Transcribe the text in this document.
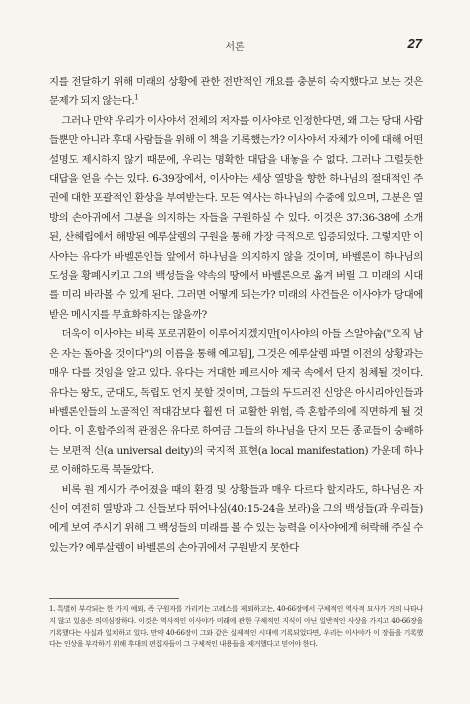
서론	27

지를 전달하기 위해 미래의 상황에 관한 전반적인 개요를 충분히 숙지했다고 보는 것은 문제가 되지 않는다.$^1$

그러나 만약 우리가 이사야서 전체의 저자를 이사야로 인정한다면, 왜 그는 당대 사람들뿐만 아니라 후대 사람들을 위해 이 책을 기록했는가? 이사야서 자체가 이에 대해 어떤 설명도 제시하지 않기 때문에, 우리는 명확한 대답을 내놓을 수 없다. 그러나 그럴듯한 대답을 얻을 수는 있다. 6-39장에서, 이사야는 세상 열방을 향한 하나님의 절대적인 주권에 대한 포괄적인 환상을 부여받는다. 모든 역사는 하나님의 수중에 있으며, 그분은 열방의 손아귀에서 그분을 의지하는 자들을 구원하실 수 있다. 이것은 37:36-38에 소개된, 산헤립에서 해방된 예루살렘의 구원을 통해 가장 극적으로 입증되었다. 그렇지만 이사야는 유다가 바벨론인들 앞에서 하나님을 의지하지 않을 것이며, 바벨론이 하나님의 도성을 황폐시키고 그의 백성들을 약속의 땅에서 바벨론으로 옮겨 버릴 그 미래의 시대를 미리 바라볼 수 있게 된다. 그러면 어떻게 되는가? 미래의 사건들은 이사야가 당대에 받은 메시지를 무효화하지는 않을까?

더욱이 이사야는 비록 포로귀환이 이루어지겠지만[이사야의 아들 스알야숩("오직 남은 자는 돌아올 것이다")의 이름을 통해 예고됨], 그것은 예루살렘 파멸 이전의 상황과는 매우 다를 것임을 알고 있다. 유다는 거대한 페르시아 제국 속에서 단지 침체될 것이다. 유다는 왕도, 군대도, 독립도 언지 못할 것이며, 그들의 두드러진 신앙은 아시리아인들과 바벨론인들의 노골적인 적대감보다 훨씬 더 교활한 위험, 즉 혼합주의에 직면하게 될 것이다. 이 혼합주의적 관점은 유다로 하여금 그들의 하나님을 단지 모든 종교들이 숭배하는 보편적 신(a universal deity)의 국지적 표현(a local manifestation) 가운데 하나로 이해하도록 북돋았다.

비록 원 계시가 주어졌을 때의 환경 및 상황들과 매우 다르다 할지라도, 하나님은 자신이 여전히 열방과 그 신들보다 뛰어나심(40:15-24을 보라)을 그의 백성들(과 우리들)에게 보여 주시기 위해 그 백성들의 미래를 볼 수 있는 능력을 이사야에게 허락해 주실 수 있는가? 예루살렘이 바벨론의 손아귀에서 구원받지 못한다

1. 특별히 부각되는 한 가지 예외, 즉 구원자를 가리키는 고레스를 제외하고는, 40-66장에서 구체적인 역사적 묘사가 거의 나타나지 않고 있음은 의미심장하다. 이것은 역사적인 이사야가 미래에 관한 구체적인 지식이 아닌 일반적인 사상을 가지고 40-66장을 기록했다는 사실과 일치하고 있다. 만약 40-66장이 그와 같은 실제적인 시대에 기록되었다면, 우리는 이사야가 이 장들을 기록했다는 인상을 부각하기 위해 후대의 편집자들이 그 구체적인 내용들을 제거했다고 믿어야 한다.
